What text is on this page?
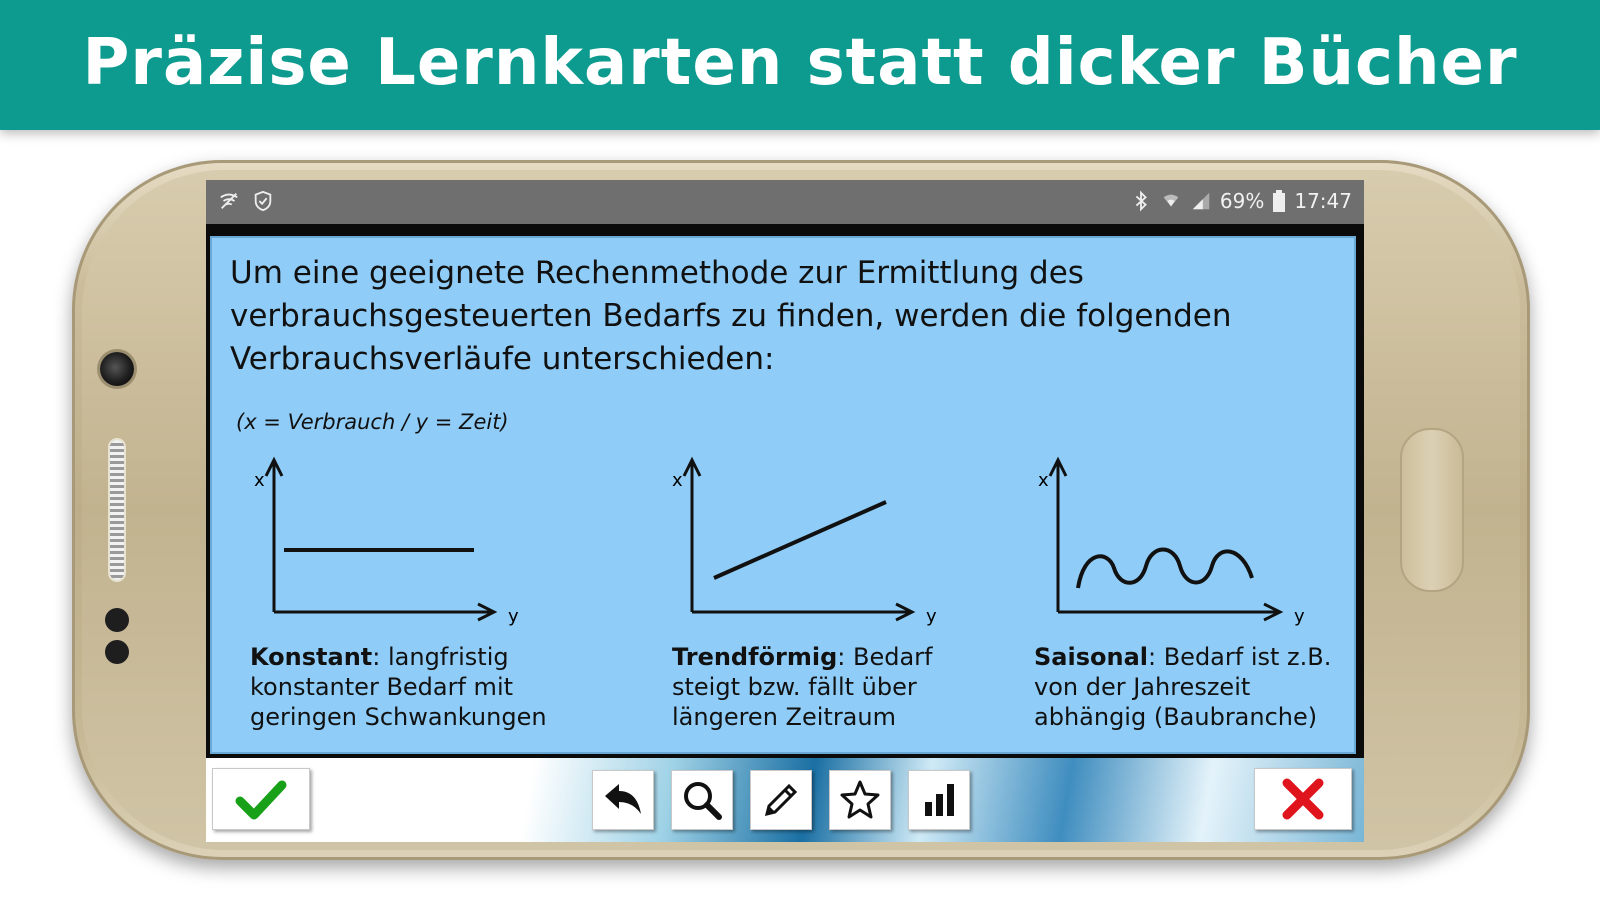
Präzise Lernkarten statt dicker Bücher
69% 17:47
Um eine geeignete Rechenmethode zur Ermittlung des verbrauchsgesteuerten Bedarfs zu finden, werden die folgenden Verbrauchsverläufe unterschieden:
(x = Verbrauch / y = Zeit)
x
y
Konstant: langfristig konstanter Bedarf mit geringen Schwankungen
x
y
Trendförmig: Bedarf steigt bzw. fällt über längeren Zeitraum
x
y
Saisonal: Bedarf ist z.B. von der Jahreszeit abhängig (Baubranche)
